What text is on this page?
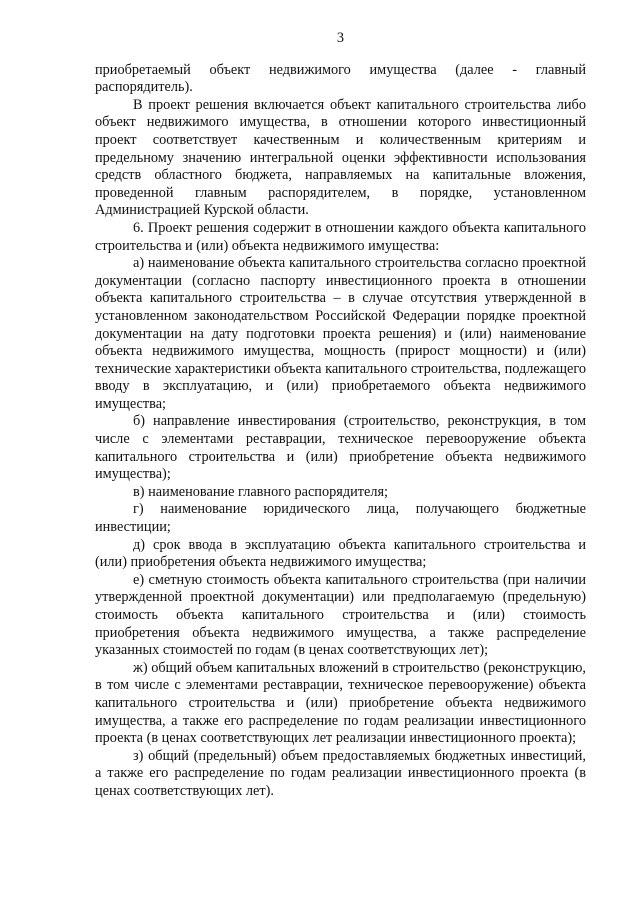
3

приобретаемый объект недвижимого имущества (далее - главный распорядитель).

В проект решения включается объект капитального строительства либо объект недвижимого имущества, в отношении которого инвестиционный проект соответствует качественным и количественным критериям и предельному значению интегральной оценки эффективности использования средств областного бюджета, направляемых на капитальные вложения, проведенной главным распорядителем, в порядке, установленном Администрацией Курской области.

6. Проект решения содержит в отношении каждого объекта капитального строительства и (или) объекта недвижимого имущества:

а) наименование объекта капитального строительства согласно проектной документации (согласно паспорту инвестиционного проекта в отношении объекта капитального строительства – в случае отсутствия утвержденной в установленном законодательством Российской Федерации порядке проектной документации на дату подготовки проекта решения) и (или) наименование объекта недвижимого имущества, мощность (прирост мощности) и (или) технические характеристики объекта капитального строительства, подлежащего вводу в эксплуатацию, и (или) приобретаемого объекта недвижимого имущества;

б) направление инвестирования (строительство, реконструкция, в том числе с элементами реставрации, техническое перевооружение объекта капитального строительства и (или) приобретение объекта недвижимого имущества);

в) наименование главного распорядителя;

г) наименование юридического лица, получающего бюджетные инвестиции;

д) срок ввода в эксплуатацию объекта капитального строительства и (или) приобретения объекта недвижимого имущества;

е) сметную стоимость объекта капитального строительства (при наличии утвержденной проектной документации) или предполагаемую (предельную) стоимость объекта капитального строительства и (или) стоимость приобретения объекта недвижимого имущества, а также распределение указанных стоимостей по годам (в ценах соответствующих лет);

ж) общий объем капитальных вложений в строительство (реконструкцию, в том числе с элементами реставрации, техническое перевооружение) объекта капитального строительства и (или) приобретение объекта недвижимого имущества, а также его распределение по годам реализации инвестиционного проекта (в ценах соответствующих лет реализации инвестиционного проекта);

з) общий (предельный) объем предоставляемых бюджетных инвестиций, а также его распределение по годам реализации инвестиционного проекта (в ценах соответствующих лет).
